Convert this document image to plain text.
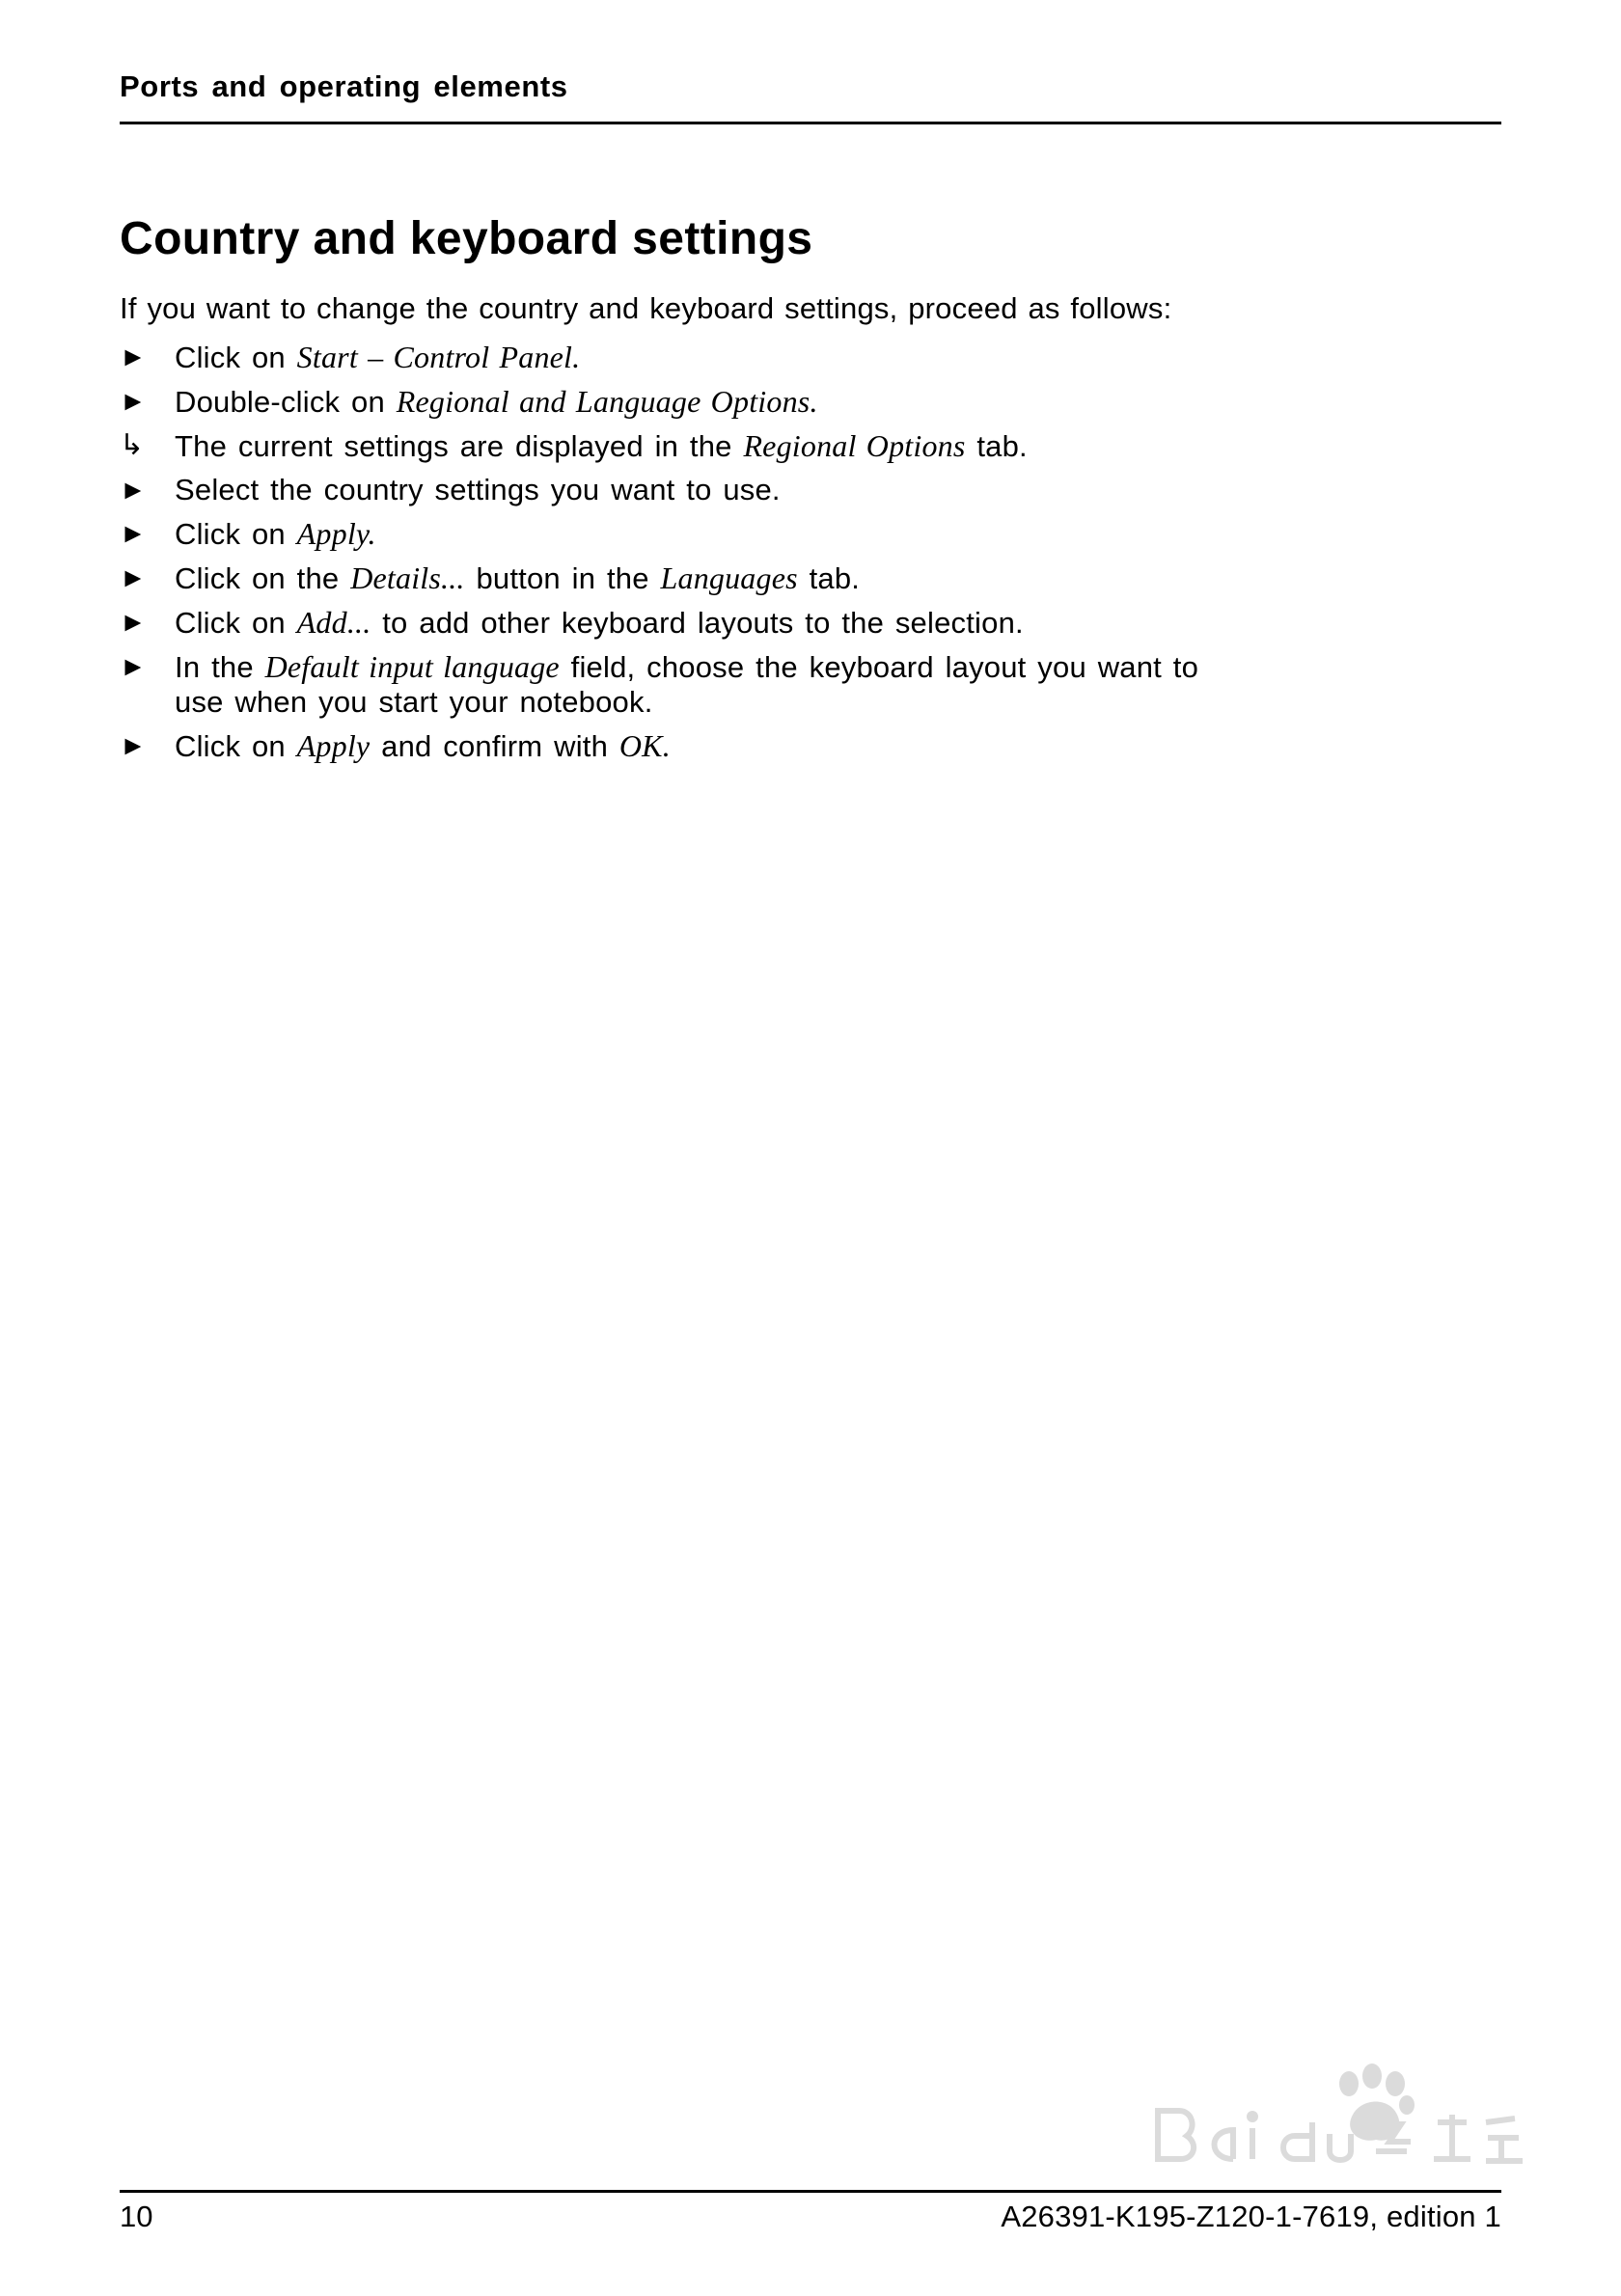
Ports and operating elements
Country and keyboard settings

If you want to change the country and keyboard settings, proceed as follows:

► Click on Start – Control Panel.
► Double-click on Regional and Language Options.
↳	The current settings are displayed in the Regional Options tab.
► Select the country settings you want to use.
► Click on Apply.
► Click on the Details... button in the Languages tab.
► Click on Add... to add other keyboard layouts to the selection.
► In the Default input language field, choose the keyboard layout you want to use when you start your notebook.
► Click on Apply and confirm with OK.
10	A26391-K195-Z120-1-7619, edition 1
